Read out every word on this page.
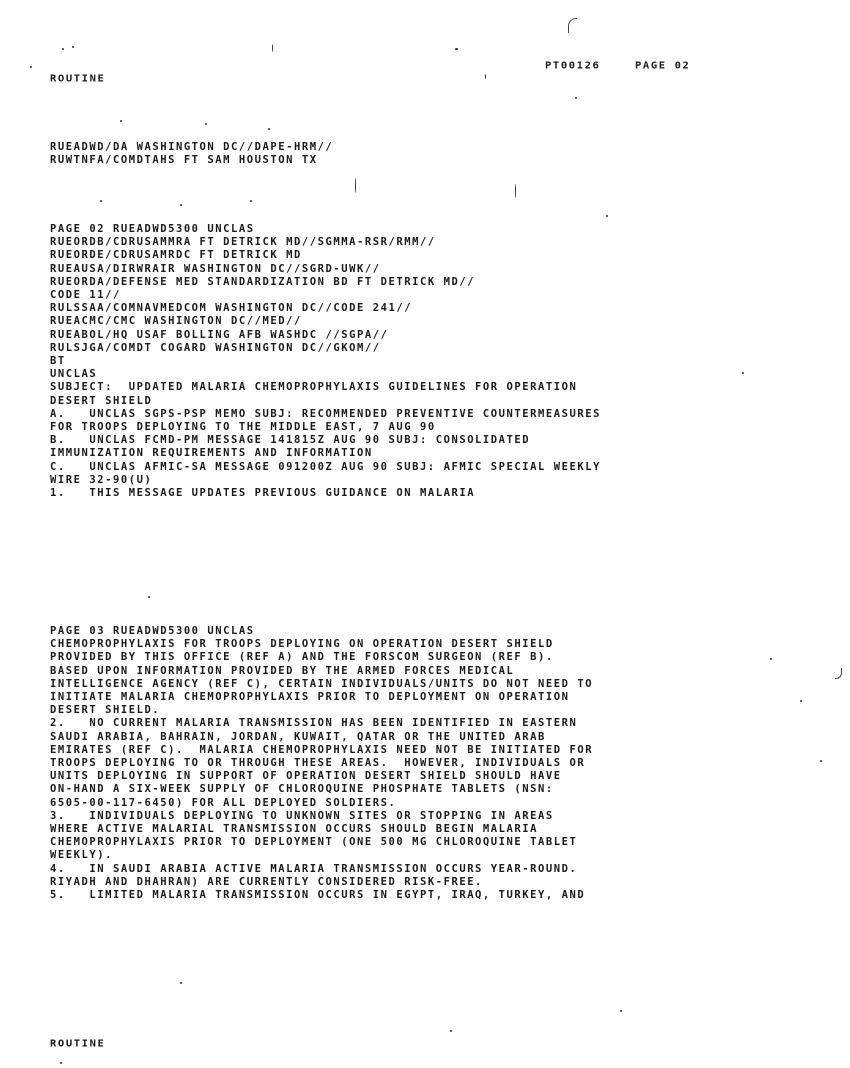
PT00126	PAGE 02
ROUTINE
RUEADWD/DA WASHINGTON DC//DAPE-HRM//
RUWTNFA/COMDTAHS FT SAM HOUSTON TX
PAGE 02 RUEADWD5300 UNCLAS
RUEORDB/CDRUSAMMRA FT DETRICK MD//SGMMA-RSR/RMM//
RUEORDE/CDRUSAMRDC FT DETRICK MD
RUEAUSA/DIRWRAIR WASHINGTON DC//SGRD-UWK//
RUEORDA/DEFENSE MED STANDARDIZATION BD FT DETRICK MD//
CODE 11//
RULSSAA/COMNAVMEDCOM WASHINGTON DC//CODE 241//
RUEACMC/CMC WASHINGTON DC//MED//
RUEABOL/HQ USAF BOLLING AFB WASHDC //SGPA//
RULSJGA/COMDT COGARD WASHINGTON DC//GKOM//
BT
UNCLAS
SUBJECT:  UPDATED MALARIA CHEMOPROPHYLAXIS GUIDELINES FOR OPERATION
DESERT SHIELD
A.   UNCLAS SGPS-PSP MEMO SUBJ: RECOMMENDED PREVENTIVE COUNTERMEASURES
FOR TROOPS DEPLOYING TO THE MIDDLE EAST, 7 AUG 90
B.   UNCLAS FCMD-PM MESSAGE 141815Z AUG 90 SUBJ: CONSOLIDATED
IMMUNIZATION REQUIREMENTS AND INFORMATION
C.   UNCLAS AFMIC-SA MESSAGE 091200Z AUG 90 SUBJ: AFMIC SPECIAL WEEKLY
WIRE 32-90(U)
1.   THIS MESSAGE UPDATES PREVIOUS GUIDANCE ON MALARIA
PAGE 03 RUEADWD5300 UNCLAS
CHEMOPROPHYLAXIS FOR TROOPS DEPLOYING ON OPERATION DESERT SHIELD
PROVIDED BY THIS OFFICE (REF A) AND THE FORSCOM SURGEON (REF B).
BASED UPON INFORMATION PROVIDED BY THE ARMED FORCES MEDICAL
INTELLIGENCE AGENCY (REF C), CERTAIN INDIVIDUALS/UNITS DO NOT NEED TO
INITIATE MALARIA CHEMOPROPHYLAXIS PRIOR TO DEPLOYMENT ON OPERATION
DESERT SHIELD.
2.   NO CURRENT MALARIA TRANSMISSION HAS BEEN IDENTIFIED IN EASTERN
SAUDI ARABIA, BAHRAIN, JORDAN, KUWAIT, QATAR OR THE UNITED ARAB
EMIRATES (REF C).  MALARIA CHEMOPROPHYLAXIS NEED NOT BE INITIATED FOR
TROOPS DEPLOYING TO OR THROUGH THESE AREAS.  HOWEVER, INDIVIDUALS OR
UNITS DEPLOYING IN SUPPORT OF OPERATION DESERT SHIELD SHOULD HAVE
ON-HAND A SIX-WEEK SUPPLY OF CHLOROQUINE PHOSPHATE TABLETS (NSN:
6505-00-117-6450) FOR ALL DEPLOYED SOLDIERS.
3.   INDIVIDUALS DEPLOYING TO UNKNOWN SITES OR STOPPING IN AREAS
WHERE ACTIVE MALARIAL TRANSMISSION OCCURS SHOULD BEGIN MALARIA
CHEMOPROPHYLAXIS PRIOR TO DEPLOYMENT (ONE 500 MG CHLOROQUINE TABLET
WEEKLY).
4.   IN SAUDI ARABIA ACTIVE MALARIA TRANSMISSION OCCURS YEAR-ROUND.
RIYADH AND DHAHRAN) ARE CURRENTLY CONSIDERED RISK-FREE.
5.   LIMITED MALARIA TRANSMISSION OCCURS IN EGYPT, IRAQ, TURKEY, AND
ROUTINE
